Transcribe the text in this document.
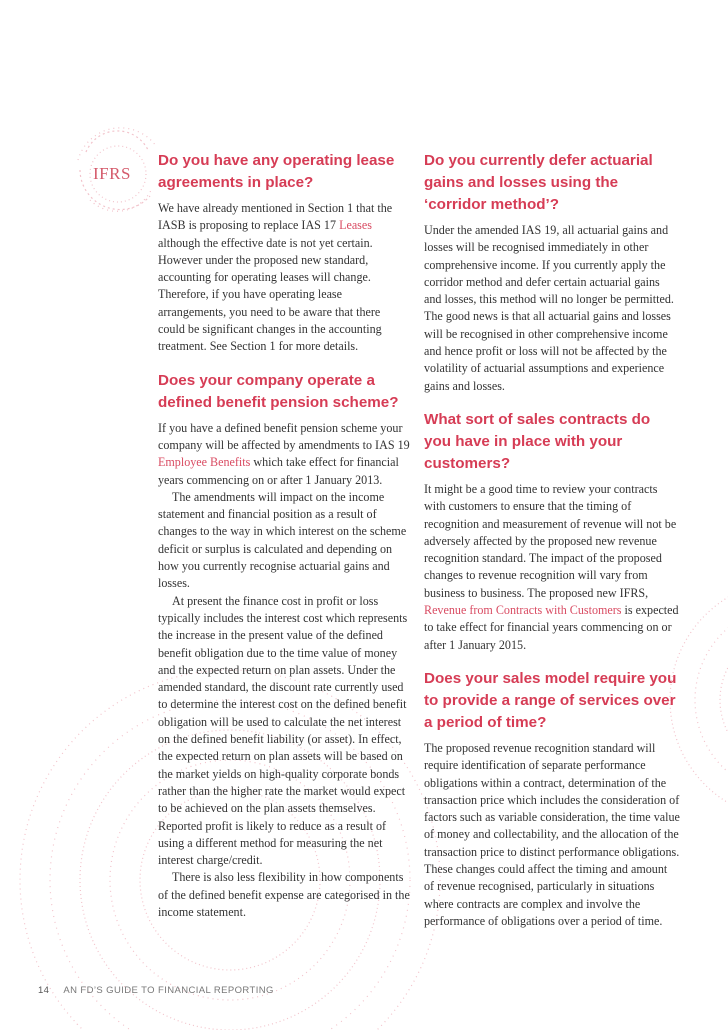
IFRS
Do you have any operating lease agreements in place?

We have already mentioned in Section 1 that the IASB is proposing to replace IAS 17 Leases although the effective date is not yet certain. However under the proposed new standard, accounting for operating leases will change. Therefore, if you have operating lease arrangements, you need to be aware that there could be significant changes in the accounting treatment. See Section 1 for more details.

Does your company operate a defined benefit pension scheme?

If you have a defined benefit pension scheme your company will be affected by amendments to IAS 19 Employee Benefits which take effect for financial years commencing on or after 1 January 2013.

The amendments will impact on the income statement and financial position as a result of changes to the way in which interest on the scheme deficit or surplus is calculated and depending on how you currently recognise actuarial gains and losses.

At present the finance cost in profit or loss typically includes the interest cost which represents the increase in the present value of the defined benefit obligation due to the time value of money and the expected return on plan assets. Under the amended standard, the discount rate currently used to determine the interest cost on the defined benefit obligation will be used to calculate the net interest on the defined benefit liability (or asset). In effect, the expected return on plan assets will be based on the market yields on high-quality corporate bonds rather than the higher rate the market would expect to be achieved on the plan assets themselves. Reported profit is likely to reduce as a result of using a different method for measuring the net interest charge/credit.

There is also less flexibility in how components of the defined benefit expense are categorised in the income statement.

Do you currently defer actuarial gains and losses using the ‘corridor method’?

Under the amended IAS 19, all actuarial gains and losses will be recognised immediately in other comprehensive income. If you currently apply the corridor method and defer certain actuarial gains and losses, this method will no longer be permitted. The good news is that all actuarial gains and losses will be recognised in other comprehensive income and hence profit or loss will not be affected by the volatility of actuarial assumptions and experience gains and losses.

What sort of sales contracts do you have in place with your customers?

It might be a good time to review your contracts with customers to ensure that the timing of recognition and measurement of revenue will not be adversely affected by the proposed new revenue recognition standard. The impact of the proposed changes to revenue recognition will vary from business to business. The proposed new IFRS, Revenue from Contracts with Customers is expected to take effect for financial years commencing on or after 1 January 2015.

Does your sales model require you to provide a range of services over a period of time?

The proposed revenue recognition standard will require identification of separate performance obligations within a contract, determination of the transaction price which includes the consideration of factors such as variable consideration, the time value of money and collectability, and the allocation of the transaction price to distinct performance obligations. These changes could affect the timing and amount of revenue recognised, particularly in situations where contracts are complex and involve the performance of obligations over a period of time.

14 AN FD’S GUIDE TO FINANCIAL REPORTING
